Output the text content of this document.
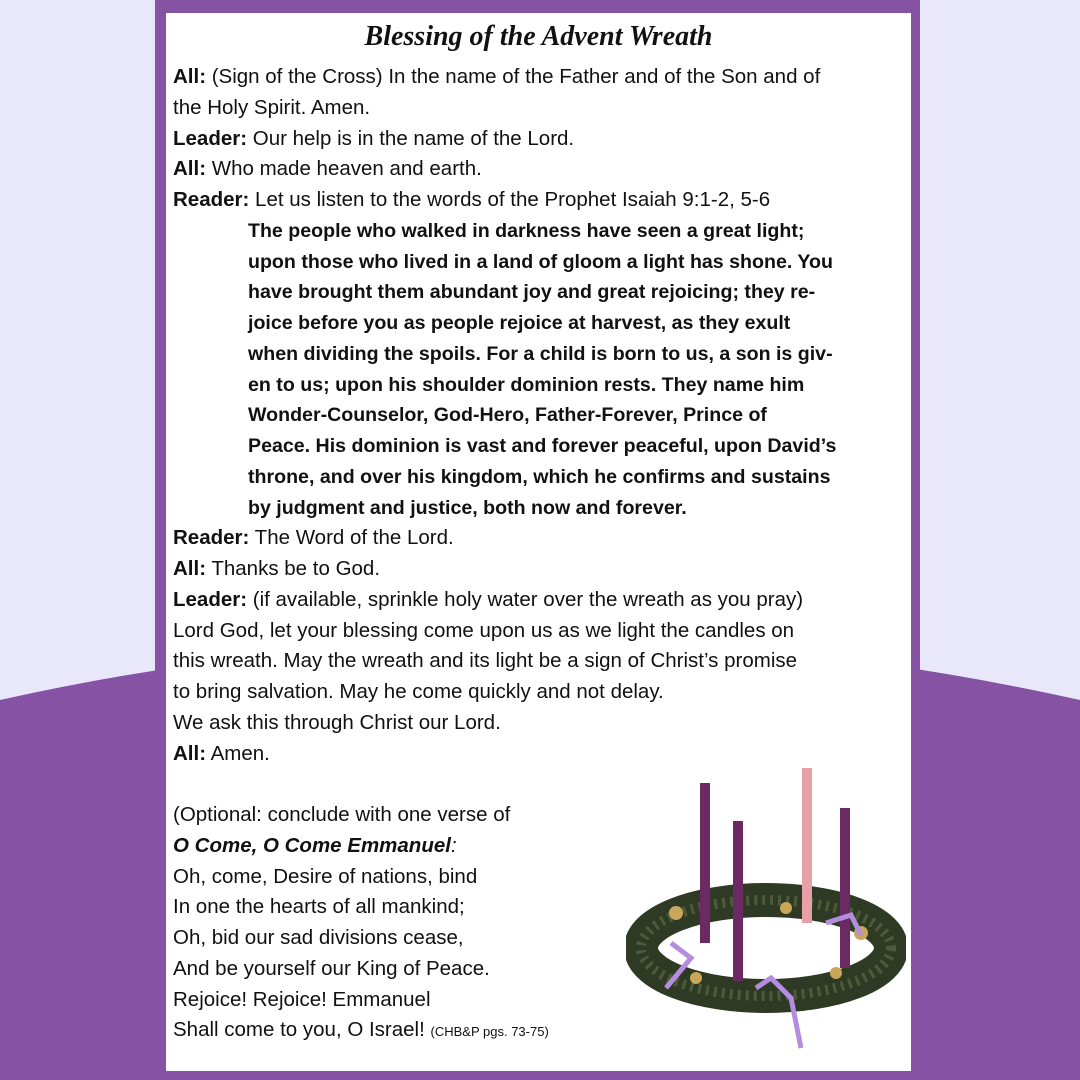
Blessing of the Advent Wreath
All: (Sign of the Cross) In the name of the Father and of the Son and of
the Holy Spirit. Amen.
Leader: Our help is in the name of the Lord.
All: Who made heaven and earth.
Reader: Let us listen to the words of the Prophet Isaiah 9:1-2, 5-6
The people who walked in darkness have seen a great light;
upon those who lived in a land of gloom a light has shone. You
have brought them abundant joy and great rejoicing; they re-
joice before you as people rejoice at harvest, as they exult
when dividing the spoils. For a child is born to us, a son is giv-
en to us; upon his shoulder dominion rests. They name him
Wonder-Counselor, God-Hero, Father-Forever, Prince of
Peace. His dominion is vast and forever peaceful, upon David’s
throne, and over his kingdom, which he confirms and sustains
by judgment and justice, both now and forever.
Reader: The Word of the Lord.
All: Thanks be to God.
Leader: (if available, sprinkle holy water over the wreath as you pray)
Lord God, let your blessing come upon us as we light the candles on
this wreath. May the wreath and its light be a sign of Christ’s promise
to bring salvation. May he come quickly and not delay.
We ask this through Christ our Lord.
All: Amen.
(Optional: conclude with one verse of
O Come, O Come Emmanuel:
Oh, come, Desire of nations, bind
In one the hearts of all mankind;
Oh, bid our sad divisions cease,
And be yourself our King of Peace.
Rejoice! Rejoice! Emmanuel
Shall come to you, O Israel! (CHB&P pgs. 73-75)
